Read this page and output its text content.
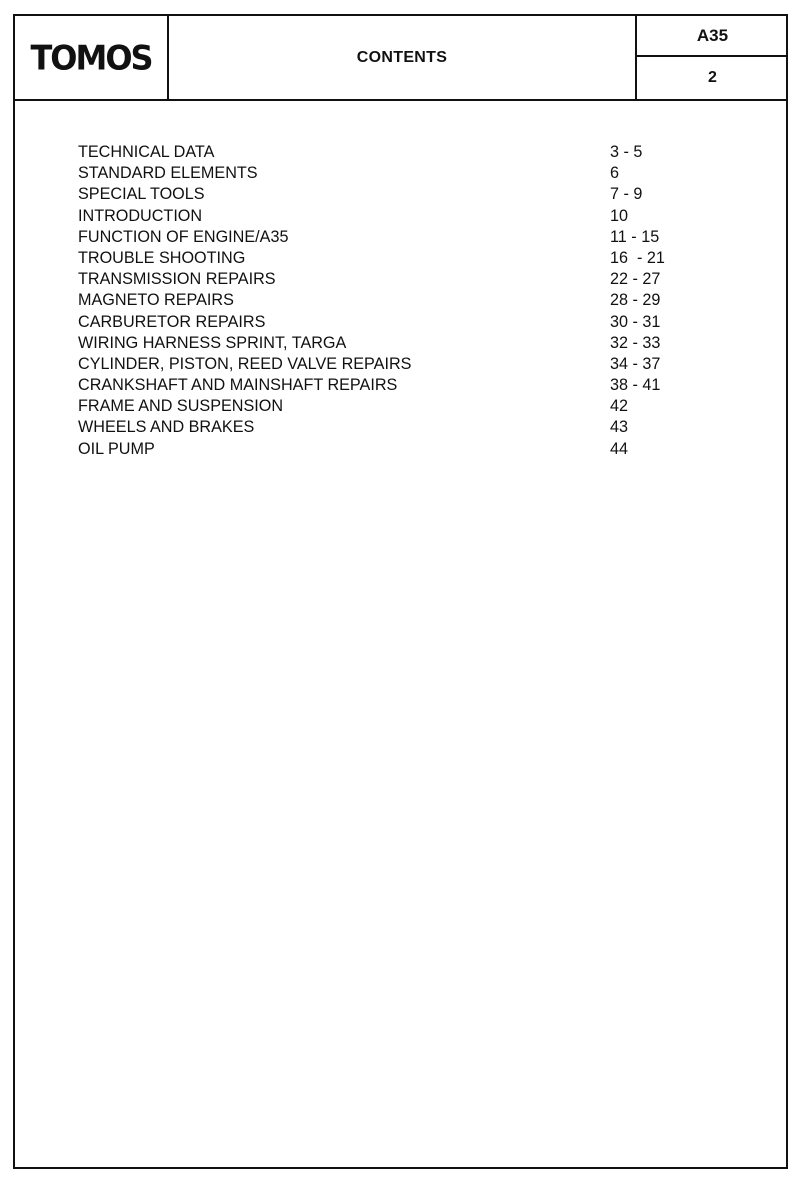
TOMOS	CONTENTS
A35
2
TECHNICAL DATA	3 - 5
STANDARD ELEMENTS	6
SPECIAL TOOLS	7 - 9
INTRODUCTION	10
FUNCTION OF ENGINE/A35	11 - 15
TROUBLE SHOOTING	16  - 21
TRANSMISSION REPAIRS	22 - 27
MAGNETO REPAIRS	28 - 29
CARBURETOR REPAIRS	30 - 31
WIRING HARNESS SPRINT, TARGA	32 - 33
CYLINDER, PISTON, REED VALVE REPAIRS	34 - 37
CRANKSHAFT AND MAINSHAFT REPAIRS	38 - 41
FRAME AND SUSPENSION	42
WHEELS AND BRAKES	43
OIL PUMP	44
